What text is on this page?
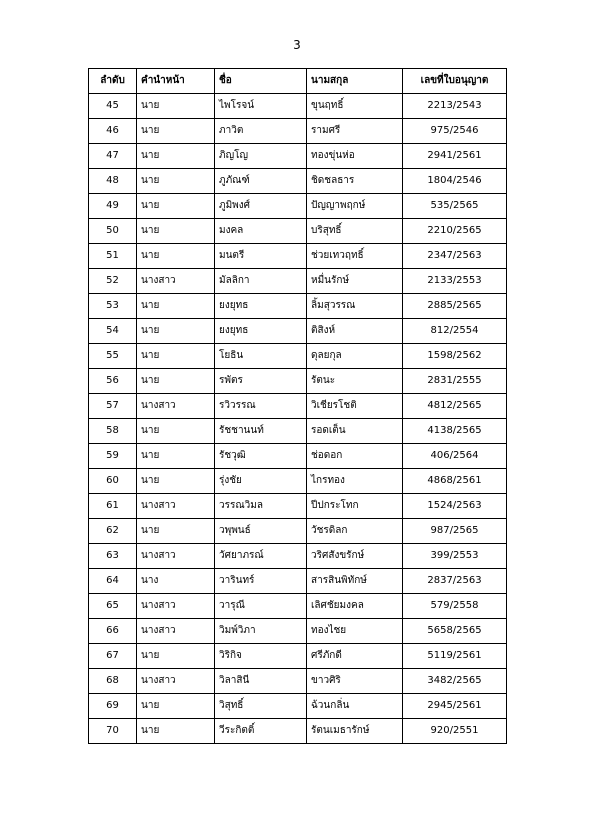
3
ลำดับ	คำนำหน้า	ชื่อ	นามสกุล	เลขที่ใบอนุญาต
45	นาย	ไพโรจน์	ขุนฤทธิ์	2213/2543
46	นาย	ภาวิต	รามศรี	975/2546
47	นาย	ภิญโญ	ทองขุ่นห่อ	2941/2561
48	นาย	ภูภัณฑ์	ชิดชลธาร	1804/2546
49	นาย	ภูมิพงศ์	ปัญญาพฤกษ์	535/2565
50	นาย	มงคล	บริสุทธิ์	2210/2565
51	นาย	มนตรี	ช่วยเทวฤทธิ์	2347/2563
52	นางสาว	มัลลิกา	หมื่นรักษ์	2133/2553
53	นาย	ยงยุทธ	ลิ้มสุวรรณ	2885/2565
54	นาย	ยงยุทธ	ติสิงห์	812/2554
55	นาย	โยธิน	ดุลยกุล	1598/2562
56	นาย	รพัตร	รัตนะ	2831/2555
57	นางสาว	รวิวรรณ	วิเชียรโชติ	4812/2565
58	นาย	รัชชานนท์	รอดเต็น	4138/2565
59	นาย	รัชวุฒิ	ช่อดอก	406/2564
60	นาย	รุ่งชัย	ไกรทอง	4868/2561
61	นางสาว	วรรณวิมล	ปีปกระโทก	1524/2563
62	นาย	วพุพนธ์	วัชรดิลก	987/2565
63	นางสาว	วัศยาภรณ์	วริศสังขรักษ์	399/2553
64	นาง	วารินทร์	สารสินพิทักษ์	2837/2563
65	นางสาว	วารุณี	เลิศชัยมงคล	579/2558
66	นางสาว	วิมพ์วิภา	ทองไชย	5658/2565
67	นาย	วิริกิจ	ศรีภักดี	5119/2561
68	นางสาว	วิลาสินี	ขาวศิริ	3482/2565
69	นาย	วิสุทธิ์	ฉ้วนกลิ่น	2945/2561
70	นาย	วีระกิตติ์	รัตนเมธารักษ์	920/2551
